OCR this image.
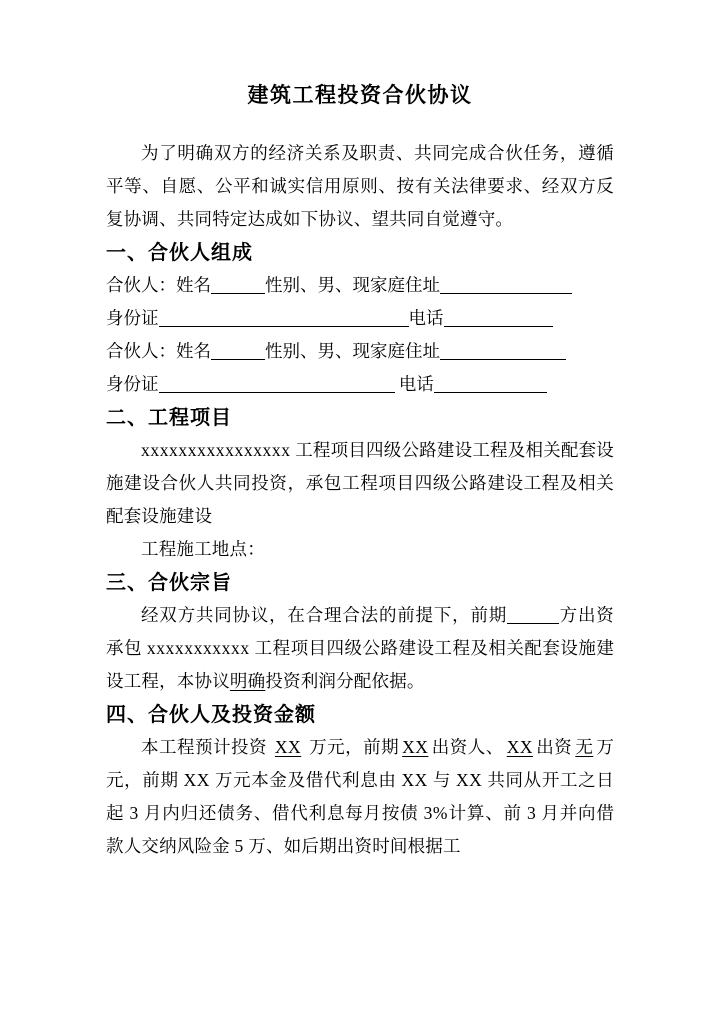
建筑工程投资合伙协议

为了明确双方的经济关系及职责、共同完成合伙任务，遵循平等、自愿、公平和诚实信用原则、按有关法律要求、经双方反复协调、共同特定达成如下协议、望共同自觉遵守。

一、合伙人组成
合伙人：姓名	性别、男、现家庭住址
身份证	电话
合伙人：姓名	性别、男、现家庭住址
身份证	电话
二、工程项目

xxxxxxxxxxxxxxxx 工程项目四级公路建设工程及相关配套设施建设合伙人共同投资，承包工程项目四级公路建设工程及相关配套设施建设

工程施工地点：

三、合伙宗旨

经双方共同协议，在合理合法的前提下，前期	方出资承包 xxxxxxxxxxx 工程项目四级公路建设工程及相关配套设施建设工程，本协议明确投资利润分配依据。

四、合伙人及投资金额

本工程预计投资 XX 万元，前期 XX 出资人、 XX 出资 无 万元，前期 XX 万元本金及借代利息由 XX 与 XX 共同从开工之日起 3 月内归还债务、借代利息每月按债 3%计算、前 3 月并向借款人交纳风险金 5 万、如后期出资时间根据工
